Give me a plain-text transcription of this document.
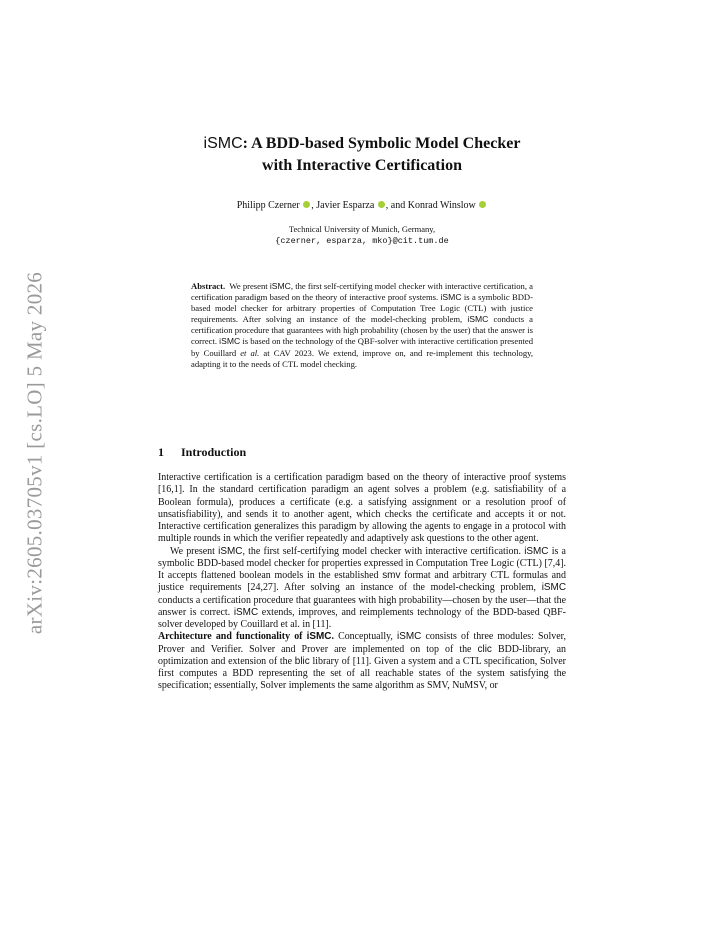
arXiv:2605.03705v1 [cs.LO] 5 May 2026
iSMC: A BDD-based Symbolic Model Checker
with Interactive Certification
Philipp Czerner , Javier Esparza , and Konrad Winslow
Technical University of Munich, Germany,
{czerner, esparza, mko}@cit.tum.de

Abstract. We present iSMC, the first self-certifying model checker with interactive certification, a certification paradigm based on the theory of interactive proof systems. iSMC is a symbolic BDD-based model checker for arbitrary properties of Computation Tree Logic (CTL) with justice requirements. After solving an instance of the model-checking problem, iSMC conducts a certification procedure that guarantees with high probability (chosen by the user) that the answer is correct. iSMC is based on the technology of the QBF-solver with interactive certification presented by Couillard et al. at CAV 2023. We extend, improve on, and re-implement this technology, adapting it to the needs of CTL model checking.

1 Introduction

Interactive certification is a certification paradigm based on the theory of interactive proof systems [16,1]. In the standard certification paradigm an agent solves a problem (e.g. satisfiability of a Boolean formula), produces a certificate (e.g. a satisfying assignment or a resolution proof of unsatisfiability), and sends it to another agent, which checks the certificate and accepts it or not. Interactive certification generalizes this paradigm by allowing the agents to engage in a protocol with multiple rounds in which the verifier repeatedly and adaptively ask questions to the other agent.

We present iSMC, the first self-certifying model checker with interactive certification. iSMC is a symbolic BDD-based model checker for properties expressed in Computation Tree Logic (CTL) [7,4]. It accepts flattened boolean models in the established smv format and arbitrary CTL formulas and justice requirements [24,27]. After solving an instance of the model-checking problem, iSMC conducts a certification procedure that guarantees with high probability—chosen by the user—that the answer is correct. iSMC extends, improves, and reimplements technology of the BDD-based QBF-solver developed by Couillard et al. in [11].

Architecture and functionality of iSMC. Conceptually, iSMC consists of three modules: Solver, Prover and Verifier. Solver and Prover are implemented on top of the clic BDD-library, an optimization and extension of the blic library of [11]. Given a system and a CTL specification, Solver first computes a BDD representing the set of all reachable states of the system satisfying the specification; essentially, Solver implements the same algorithm as SMV, NuMSV, or
